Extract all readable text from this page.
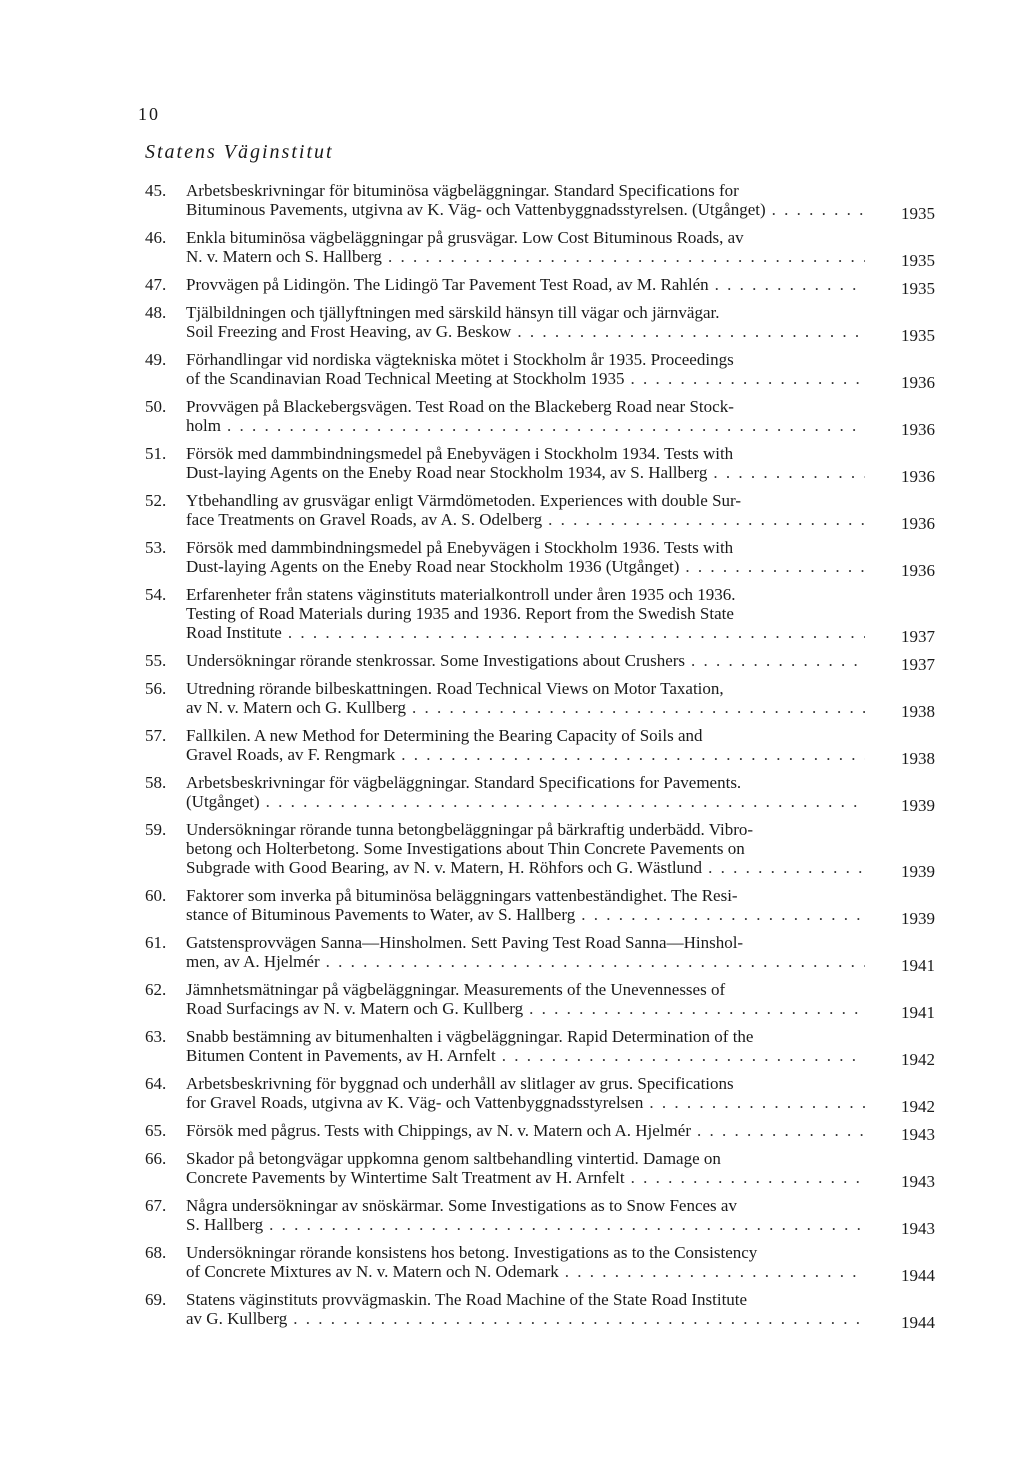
10
Statens Väginstitut
45. Arbetsbeskrivningar för bituminösa vägbeläggningar. Standard Specifications for
Bituminous Pavements, utgivna av K. Väg- och Vattenbyggnadsstyrelsen. (Utgånget) . . .	1935
46. Enkla bituminösa vägbeläggningar på grusvägar. Low Cost Bituminous Roads, av
N. v. Matern och S. Hallberg . . .	1935
47. Provvägen på Lidingön. The Lidingö Tar Pavement Test Road, av M. Rahlén . . .	1935
48. Tjälbildningen och tjällyftningen med särskild hänsyn till vägar och järnvägar.
Soil Freezing and Frost Heaving, av G. Beskow . . .	1935
49. Förhandlingar vid nordiska vägtekniska mötet i Stockholm år 1935. Proceedings
of the Scandinavian Road Technical Meeting at Stockholm 1935 . . .	1936
50. Provvägen på Blackebergsvägen. Test Road on the Blackeberg Road near Stock-
holm . . .	1936
51. Försök med dammbindningsmedel på Enebyvägen i Stockholm 1934. Tests with
Dust-laying Agents on the Eneby Road near Stockholm 1934, av S. Hallberg . . .	1936
52. Ytbehandling av grusvägar enligt Värmdömetoden. Experiences with double Sur-
face Treatments on Gravel Roads, av A. S. Odelberg . . .	1936
53. Försök med dammbindningsmedel på Enebyvägen i Stockholm 1936. Tests with
Dust-laying Agents on the Eneby Road near Stockholm 1936 (Utgånget) . . .	1936
54. Erfarenheter från statens väginstituts materialkontroll under åren 1935 och 1936.
Testing of Road Materials during 1935 and 1936. Report from the Swedish State
Road Institute . . .	1937
55. Undersökningar rörande stenkrossar. Some Investigations about Crushers . . .	1937
56. Utredning rörande bilbeskattningen. Road Technical Views on Motor Taxation,
av N. v. Matern och G. Kullberg . . .	1938
57. Fallkilen. A new Method for Determining the Bearing Capacity of Soils and
Gravel Roads, av F. Rengmark . . .	1938
58. Arbetsbeskrivningar för vägbeläggningar. Standard Specifications for Pavements.
(Utgånget) . . .	1939
59. Undersökningar rörande tunna betongbeläggningar på bärkraftig underbädd. Vibro-
betong och Holterbetong. Some Investigations about Thin Concrete Pavements on
Subgrade with Good Bearing, av N. v. Matern, H. Röhfors och G. Wästlund . . .	1939
60. Faktorer som inverka på bituminösa beläggningars vattenbeständighet. The Resi-
stance of Bituminous Pavements to Water, av S. Hallberg . . .	1939
61. Gatstensprovvägen Sanna—Hinsholmen. Sett Paving Test Road Sanna—Hinshol-
men, av A. Hjelmér . . .	1941
62. Jämnhetsmätningar på vägbeläggningar. Measurements of the Unevennesses of
Road Surfacings av N. v. Matern och G. Kullberg . . .	1941
63. Snabb bestämning av bitumenhalten i vägbeläggningar. Rapid Determination of the
Bitumen Content in Pavements, av H. Arnfelt . . .	1942
64. Arbetsbeskrivning för byggnad och underhåll av slitlager av grus. Specifications
for Gravel Roads, utgivna av K. Väg- och Vattenbyggnadsstyrelsen . . .	1942
65. Försök med pågrus. Tests with Chippings, av N. v. Matern och A. Hjelmér . . .	1943
66. Skador på betongvägar uppkomna genom saltbehandling vintertid. Damage on
Concrete Pavements by Wintertime Salt Treatment av H. Arnfelt . . .	1943
67. Några undersökningar av snöskärmar. Some Investigations as to Snow Fences av
S. Hallberg . . .	1943
68. Undersökningar rörande konsistens hos betong. Investigations as to the Consistency
of Concrete Mixtures av N. v. Matern och N. Odemark . . .	1944
69. Statens väginstituts provvägmaskin. The Road Machine of the State Road Institute
av G. Kullberg . . .	1944
